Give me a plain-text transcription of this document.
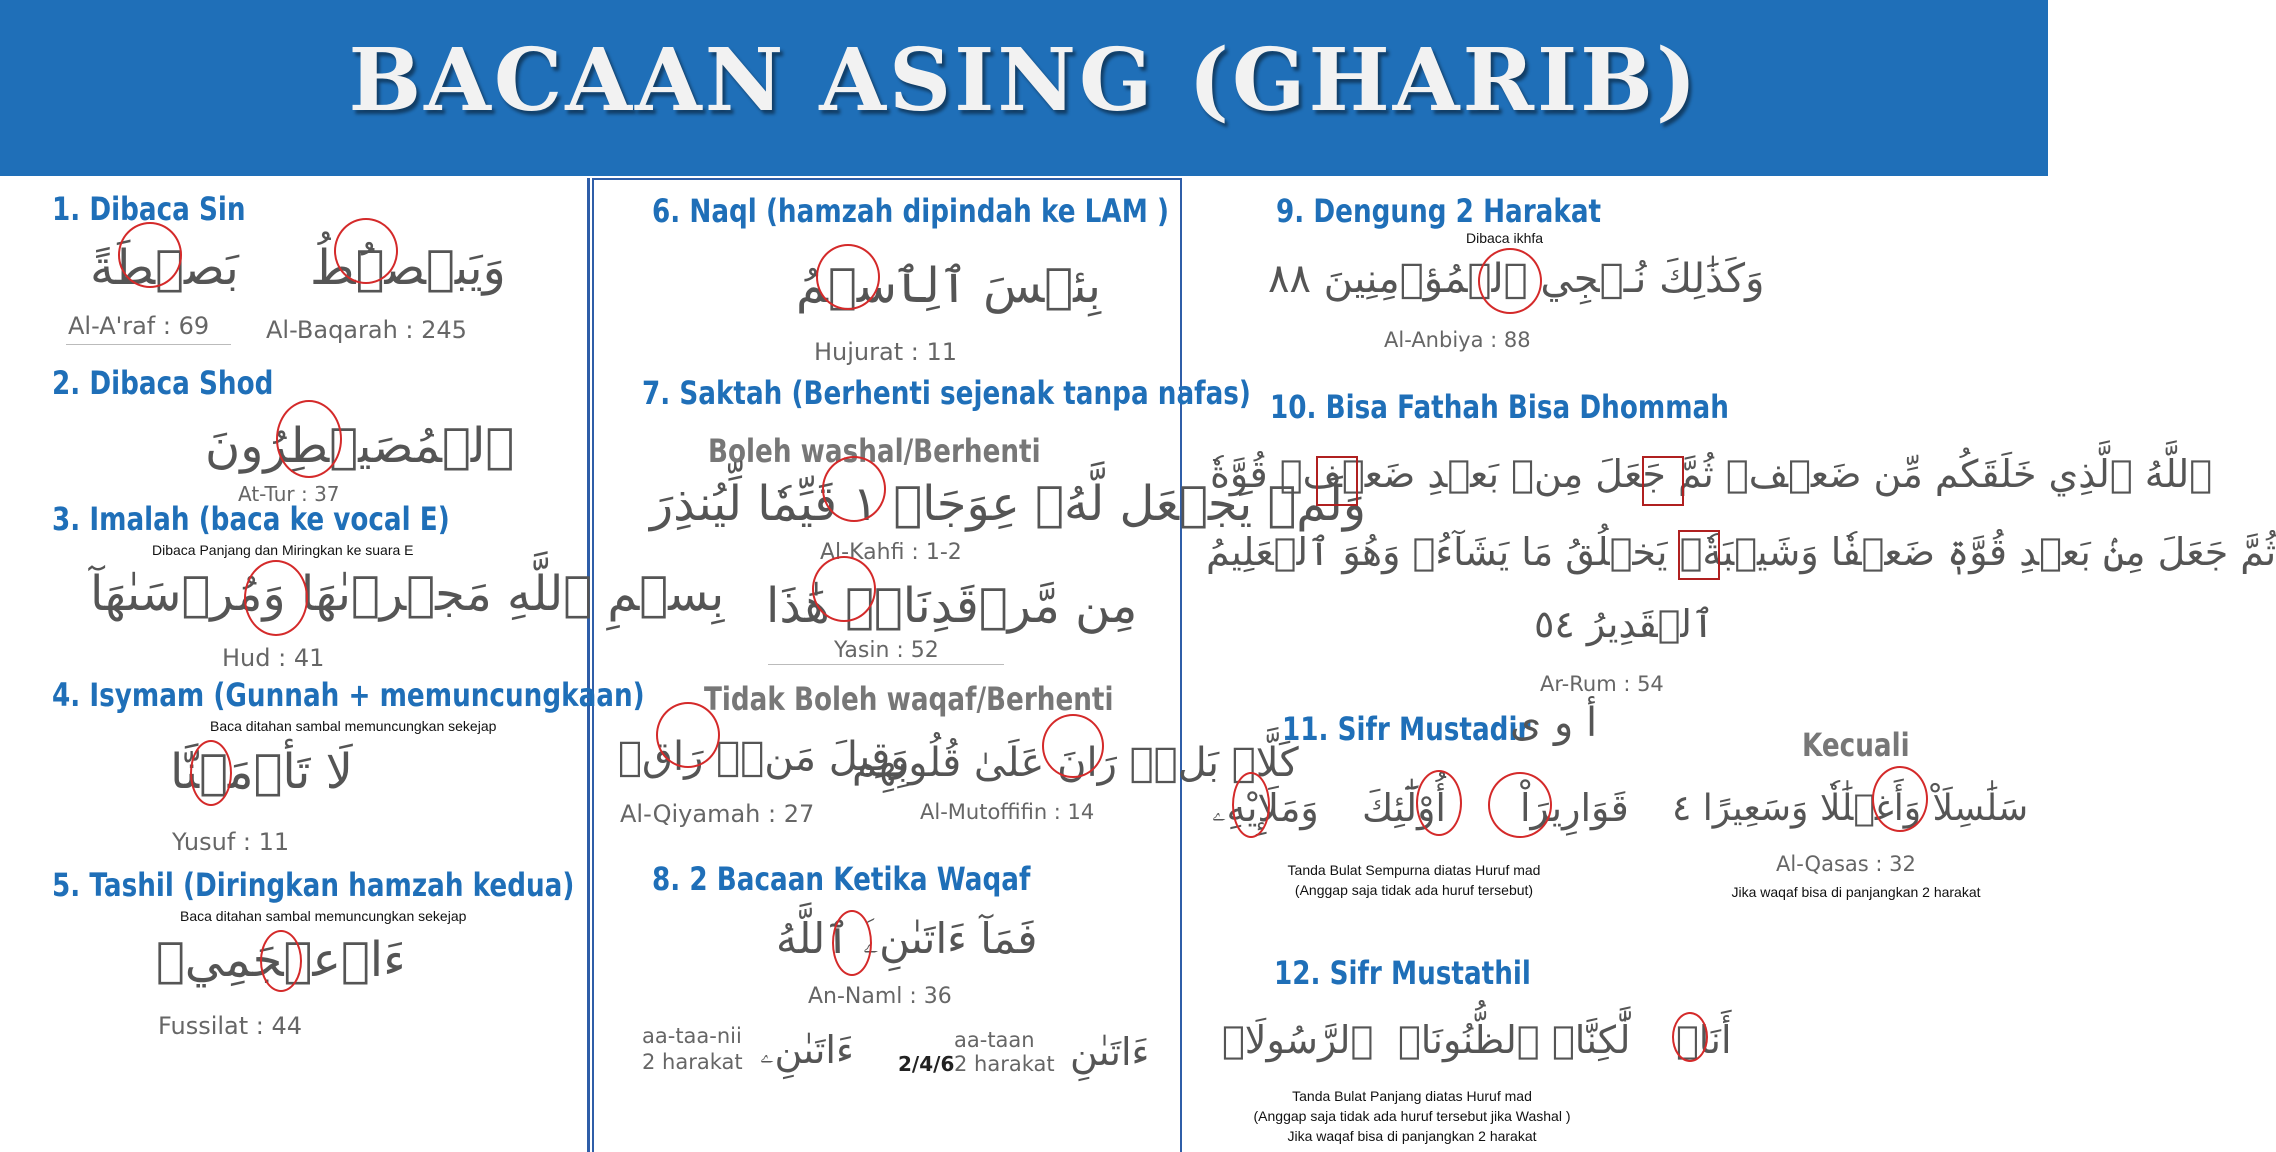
BACAAN ASING (GHARIB)
1. Dibaca Sin
بَصۜطَةً
Al-A'raf : 69
وَيَبۡصُۜطُ
Al-Baqarah : 245
2. Dibaca Shod
ٱلۡمُصَيۡطِرُونَ
At-Tur : 37
3. Imalah (baca ke vocal E)
Dibaca Panjang dan Miringkan ke suara E
بِسۡمِ ٱللَّهِ مَجۡر۪ىٰهَا وَمُرۡسَىٰهَآ
Hud : 41
4. Isymam (Gunnah + memuncungkaan)
Baca ditahan sambal memuncungkan sekejap
لَا تَأۡمَ۫نَّا
Yusuf : 11
5. Tashil (Diringkan hamzah kedua)
Baca ditahan sambal memuncungkan sekejap
ءَا۬عۡجَمِيٞ
Fussilat : 44
6. Naql (hamzah dipindah ke LAM )
بِئۡسَ ٱلِٱسۡمُ
Hujurat : 11
7. Saktah (Berhenti sejenak tanpa nafas)
Boleh washal/Berhenti
وَلَمۡ يَجۡعَل لَّهُۥ عِوَجَاۜ ١ قَيِّمٗا لِّيُنذِرَ
Al-Kahfi : 1-2
مِن مَّرۡقَدِنَاۜۗ هَٰذَا
Yasin : 52
Tidak Boleh waqaf/Berhenti
وَقِيلَ مَنۡۜ رَاقٖ
Al-Qiyamah : 27
كَلَّاۖ بَلۡۜ رَانَ عَلَىٰ قُلُوبِهِم
Al-Mutoffifin : 14
8. 2 Bacaan Ketika Waqaf
فَمَآ ءَاتَىٰنِۦَ ٱللَّهُ
An-Naml : 36
aa-taa-nii
2 harakat ءَاتَىٰنِۦ	aa-taan
2 harakat
2/4/6	ءَاتَىٰنِ
9. Dengung 2 Harakat
Dibaca ikhfa
وَكَذَٰلِكَ نُـۨجِي ٱلۡمُؤۡمِنِينَ ٨٨
Al-Anbiya : 88
10. Bisa Fathah Bisa Dhommah
ٱللَّهُ ٱلَّذِي خَلَقَكُم مِّن ضَعۡفٖ ثُمَّ جَعَلَ مِنۢ بَعۡدِ ضَعۡفٖ قُوَّةٗ
ثُمَّ جَعَلَ مِنۢ بَعۡدِ قُوَّةٖ ضَعۡفٗا وَشَيۡبَةٗۚ يَخۡلُقُ مَا يَشَآءُۚ وَهُوَ ٱلۡعَلِيمُ
ٱلۡقَدِيرُ ٥٤
Ar-Rum : 54
11. Sifr Mustadir
أ و ى	Kecuali
وَمَلَإِيْهِۦ أُوْلَٰٓئِكَ قَوَارِيرَاْ سَلَٰسِلَاْ وَأَغۡلَٰلٗا وَسَعِيرًا ٤
Al-Qasas : 32
Tanda Bulat Sempurna diatas Huruf mad
(Anggap saja tidak ada huruf tersebut)	Jika waqaf bisa di panjangkan 2 harakat
12. Sifr Mustathil
ٱلرَّسُولَا۠ ٱلظُّنُونَا۠ لَّٰكِنَّا۠ أَنَا۠
Tanda Bulat Panjang diatas Huruf mad
(Anggap saja tidak ada huruf tersebut jika Washal )
Jika waqaf bisa di panjangkan 2 harakat
